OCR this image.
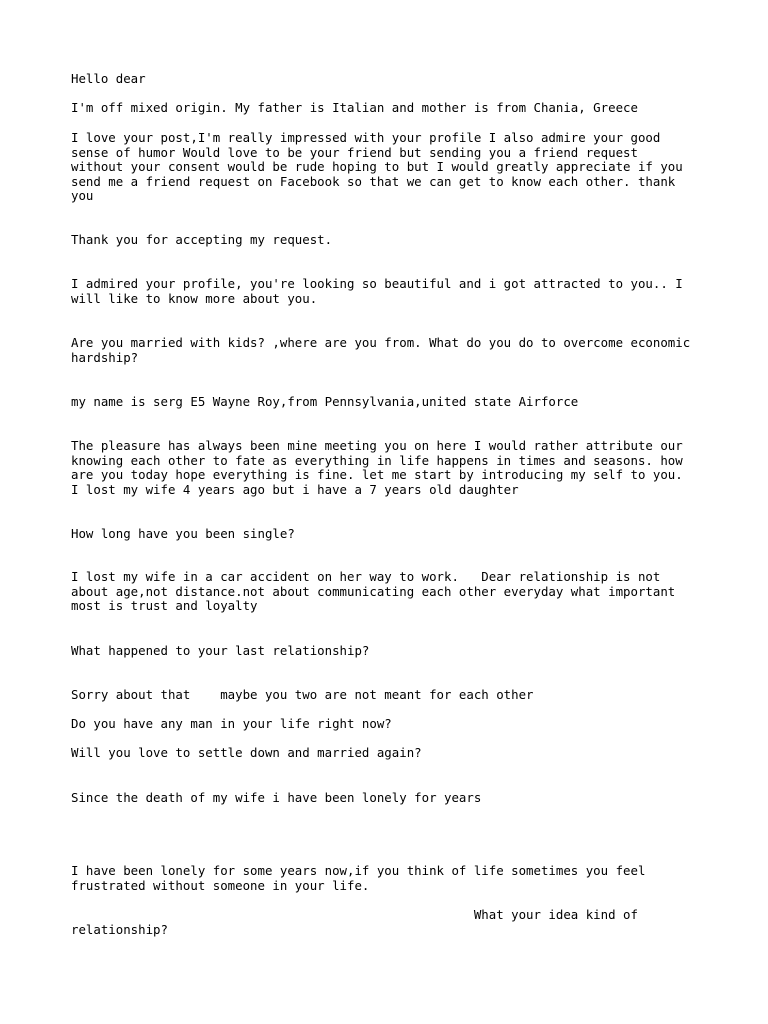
Hello dear

I'm off mixed origin. My father is Italian and mother is from Chania, Greece

I love your post,I'm really impressed with your profile I also admire your good

sense of humor Would love to be your friend but sending you a friend request

without your consent would be rude hoping to but I would greatly appreciate if you

send me a friend request on Facebook so that we can get to know each other. thank

you

Thank you for accepting my request.

I admired your profile, you're looking so beautiful and i got attracted to you.. I

will like to know more about you.

Are you married with kids? ,where are you from. What do you do to overcome economic

hardship?

my name is serg E5 Wayne Roy,from Pennsylvania,united state Airforce

The pleasure has always been mine meeting you on here I would rather attribute our

knowing each other to fate as everything in life happens in times and seasons. how

are you today hope everything is fine. let me start by introducing my self to you.

I lost my wife 4 years ago but i have a 7 years old daughter

How long have you been single?

I lost my wife in a car accident on her way to work.   Dear relationship is not

about age,not distance.not about communicating each other everyday what important

most is trust and loyalty

What happened to your last relationship?

Sorry about that    maybe you two are not meant for each other

Do you have any man in your life right now?

Will you love to settle down and married again?

Since the death of my wife i have been lonely for years

I have been lonely for some years now,if you think of life sometimes you feel

frustrated without someone in your life.

What your idea kind of

relationship?
